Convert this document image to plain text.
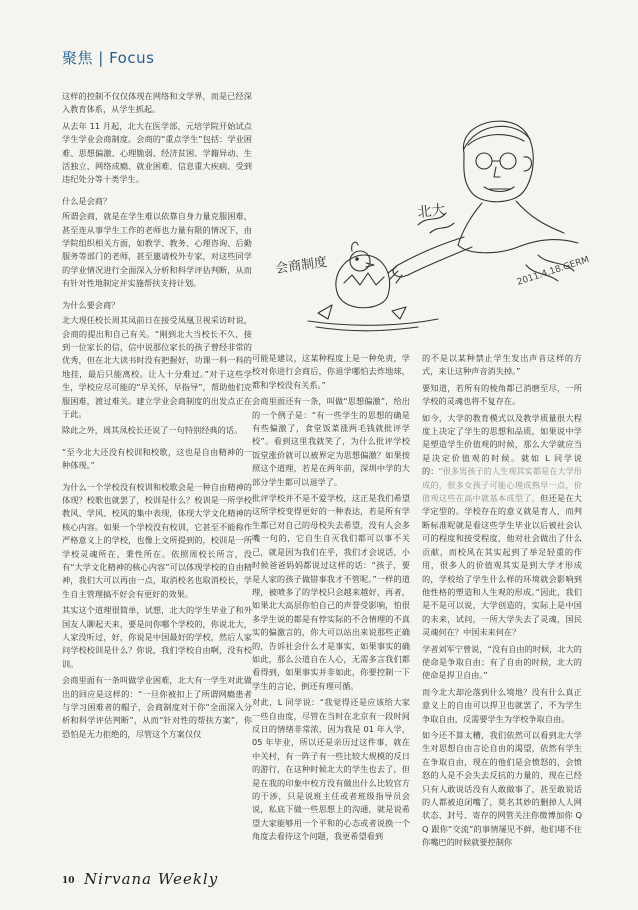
聚焦 | Focus

这样的控制不仅仅体现在网络和文学界，而是已经深入教育体系，从学生抓起。

从去年 11 月起，北大在医学部、元培学院开始试点学生学业会商制度。会商的“重点学生”包括：学业困难、思想偏激、心理脆弱、经济贫困、学籍异动、生活独立、网络成瘾、就业困难、信息重大疾病、受到违纪处分等十类学生。

什么是会商？

所谓会商，就是在学生难以依靠自身力量克服困难，甚至连从事学生工作的老师也力量有限的情况下，由学院组织相关方面，如教学、教务、心理咨询、后勤服务等部门的老师，甚至邀请校外专家，对这些同学的学业情况进行全面深入分析和科学评估判断，从而有针对性地制定并实施帮扶支持计划。

为什么要会商？

北大现任校长周其凤前日在接受凤凰卫视采访时说，会商的提出和自己有关。“刚到北大当校长不久，接到一位家长的信，信中说那位家长的孩子曾经非常的优秀，但在北大读书时没有把握好，功课一科一科的地挂，最后只能离校。让人十分难过。”对于这些学生，学校应尽可能的“早关怀，早指导”，帮助他们克服困难，渡过难关。建立学业会商制度的出发点正在于此。

除此之外，周其凤校长还说了一句特别经典的话。

“至今北大还没有校训和校歌，这也是自由精神的一种体现。”

为什么一个学校没有校训和校歌会是一种自由精神的体现？校歌也就罢了，校训是什么？校训是一所学校教风、学风、校风的集中表现，体现大学文化精神的核心内容。如果一个学校没有校训，它甚至不能称作严格意义上的学校，也像上文所提到的，校训是一所学校灵魂所在、秉性所在。依照周校长所言，没有“大学文化精神的核心内容”可以体现学校的自由精神，我们大可以再由一点，取消校名也取消校长，学生自主管理搞不好会有更好的效果。

其实这个道理很简单，试想，北大的学生毕业了和外国友人聊起天来，要是问你哪个学校的，你说北大，人家没听过，好，你说是中国最好的学校，然后人家问学校校训是什么？你说，我们学校自由啊，没有校训。

会商里面有一条叫做学业困难，北大有一学生对此做出的回应是这样的：“一旦你被扣上了所谓网瘾患者与学习困难者的帽子，会商制度对于你“全面深入分析和科学评估判断”，从而“针对性的帮扶方案”，你恐怕是无力拒绝的，尽管这个方案仅仅

会商制度
北大
2011.4.18.GERM

可能是建议，这某种程度上是一种免责，学校对你进行会商后，你退学哪怕去炸地球，都和学校没有关系。”

会商里面还有一条，叫做“思想偏激”，给出的一个例子是：“有一些学生的思想的确是有些偏激了，食堂饭菜涨两毛钱就批评学校”。看到这里我就笑了，为什么批评学校饭堂涨价就可以被界定为思想偏激？如果按照这个道理，若是在两年前，深圳中学的大部分学生都可以退学了。

批评学校并不是不爱学校，这正是我们希望这所学校变得更好的一种表达，若是所有学生都已对自己的母校失去希望，没有人会多嘴一句的，它自生自灭我们都可以事不关己，就是因为我们在乎，我们才会说话，小时候爸爸妈妈都说过这样的话：“孩子，要是人家的孩子做错事我才不管呢。”一样的道理，被喷多了的学校只会越来越好，再者，如果北大高层你怕自己的声誉受影响，怕很多学生说的都是有悖实际的不合情理的不真实的偏激言的，你大可以站出来说那些正确的，告诉社会什么才是事实，如果事实的确如此，那么公道自在人心，无需多言我们都看得到，如果事实并非如此，你要控制一下学生的言论，倒还有理可循。

对此，L 同学说：“我觉得还是应该给大家一些自由度，尽管在当时在北京有一段时间反日的情绪非常浓，因为我是 01 年入学，05 年毕业，所以还是亲历过这件事，就在中关村，有一阵子有一些比较大规模的反日的游行，在这种时候北大的学生也去了，但是在我的印象中校方没有做出什么比较官方的干涉，只是说班主任或者班级指导员会说，私底下做一些思想上的沟通，就是说希望大家能够用一个平和的心态或者说换一个角度去看待这个问题，我更希望看到

的不是以某种禁止学生发出声音这样的方式，来让这种声音消失掉。”

要知道，若所有的棱角都已消磨至尽，一所学校的灵魂也将不复存在。

如今，大学的教育模式以及教学质量很大程度上决定了学生的思想和品质，如果说中学是塑造学生价值观的时候，那么大学就应当是决定价值观的时候。就如 L 同学说的：“很多男孩子的人生观其实都是在大学形成的，很多女孩子可能心理成熟早一点，价值观这些在高中就基本成型了，但还是在大学定型的。学校存在的意义就是育人，而判断标准呢就是看这些学生毕业以后被社会认可的程度和接受程度，他对社会做出了什么贡献，而校风在其实起到了举足轻重的作用，很多人的价值观其实是到大学才形成的，学校给了学生什么样的环境就会影响到他性格的塑造和人生观的形成。”因此，我们是不是可以说，大学创造的，实际上是中国的未来，试问，一所大学失去了灵魂，国民灵魂何在？中国未来何在？

学者刘军宁曾说，“没有自由的时候，北大的使命是争取自由；有了自由的时候，北大的使命是捍卫自由。”

而今北大却沦落到什么境地？没有什么真正意义上的自由可以捍卫也就罢了，不为学生争取自由，反需要学生为学校争取自由。

如今还不算太糟，我们依然可以看到北大学生对思想自由言论自由的渴望，依然有学生在争取自由，现在的他们是会愤怒的，会愤怒的人是不会失去反抗的力量的，现在已经只有人敢说话没有人敢做事了，甚至敢说话的人都被迫闭嘴了，莫名其妙的删掉人人网状态、封号、寄存的网管关注你微博加你 QQ 跟你“交流”的事情屡见不鲜，他们堵不住你嘴巴的时候就要控制你

10 Nirvana Weekly
